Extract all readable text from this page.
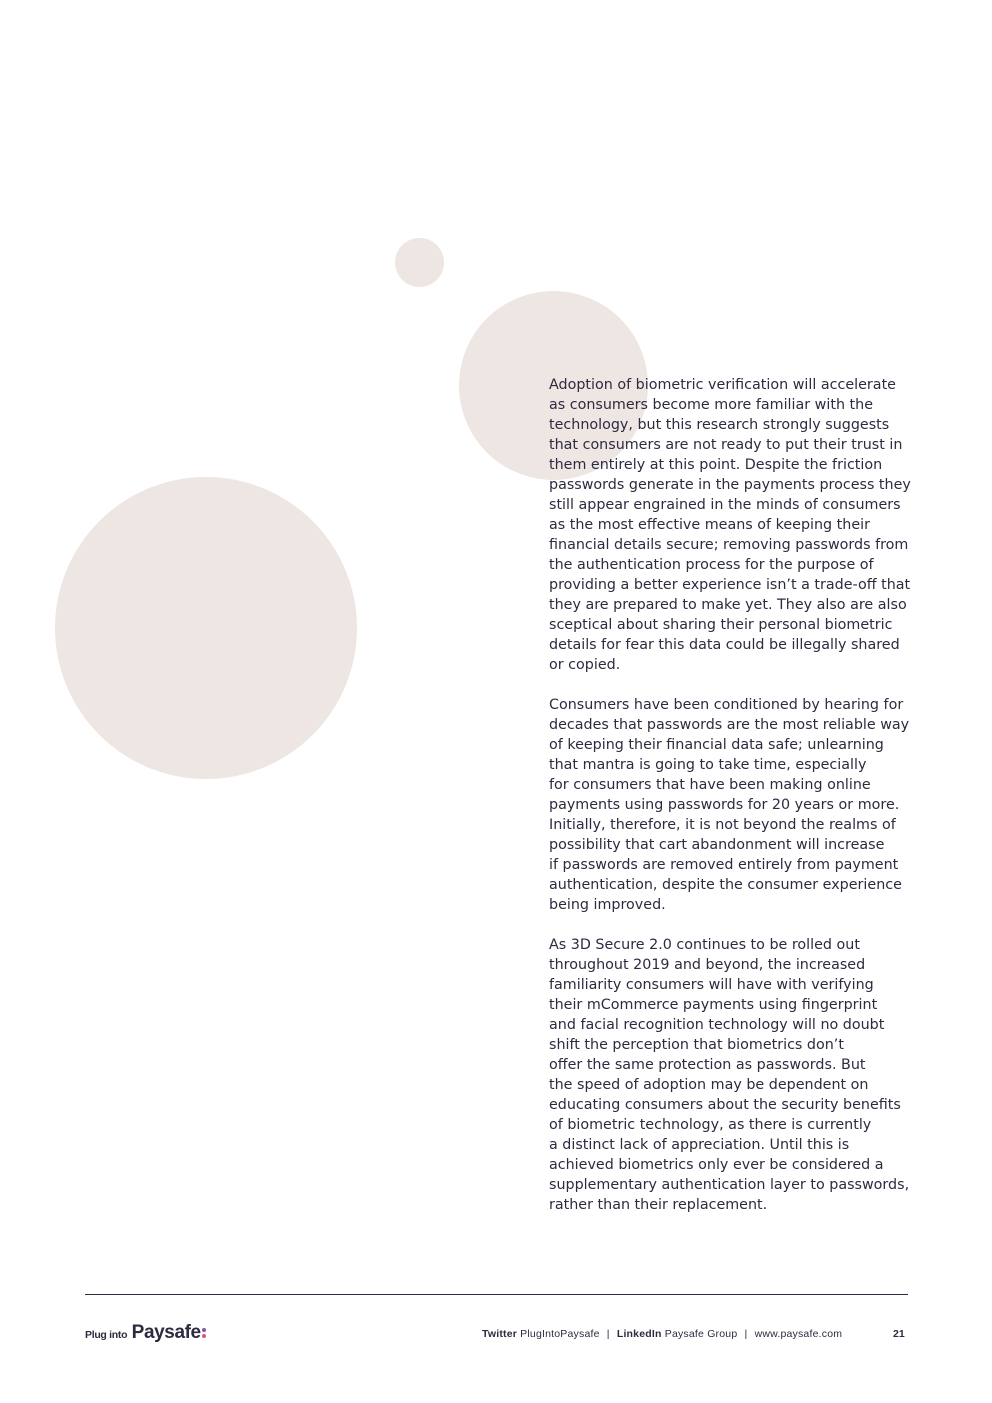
Adoption of biometric verification will accelerate
as consumers become more familiar with the
technology, but this research strongly suggests
that consumers are not ready to put their trust in
them entirely at this point. Despite the friction
passwords generate in the payments process they
still appear engrained in the minds of consumers
as the most effective means of keeping their
financial details secure; removing passwords from
the authentication process for the purpose of
providing a better experience isn’t a trade-off that
they are prepared to make yet. They also are also
sceptical about sharing their personal biometric
details for fear this data could be illegally shared
or copied.

Consumers have been conditioned by hearing for
decades that passwords are the most reliable way
of keeping their financial data safe; unlearning
that mantra is going to take time, especially
for consumers that have been making online
payments using passwords for 20 years or more.
Initially, therefore, it is not beyond the realms of
possibility that cart abandonment will increase
if passwords are removed entirely from payment
authentication, despite the consumer experience
being improved.

As 3D Secure 2.0 continues to be rolled out
throughout 2019 and beyond, the increased
familiarity consumers will have with verifying
their mCommerce payments using fingerprint
and facial recognition technology will no doubt
shift the perception that biometrics don’t
offer the same protection as passwords. But
the speed of adoption may be dependent on
educating consumers about the security benefits
of biometric technology, as there is currently
a distinct lack of appreciation. Until this is
achieved biometrics only ever be considered a
supplementary authentication layer to passwords,
rather than their replacement.

Plug into Paysafe	Twitter PlugIntoPaysafe | LinkedIn Paysafe Group | www.paysafe.com	21
